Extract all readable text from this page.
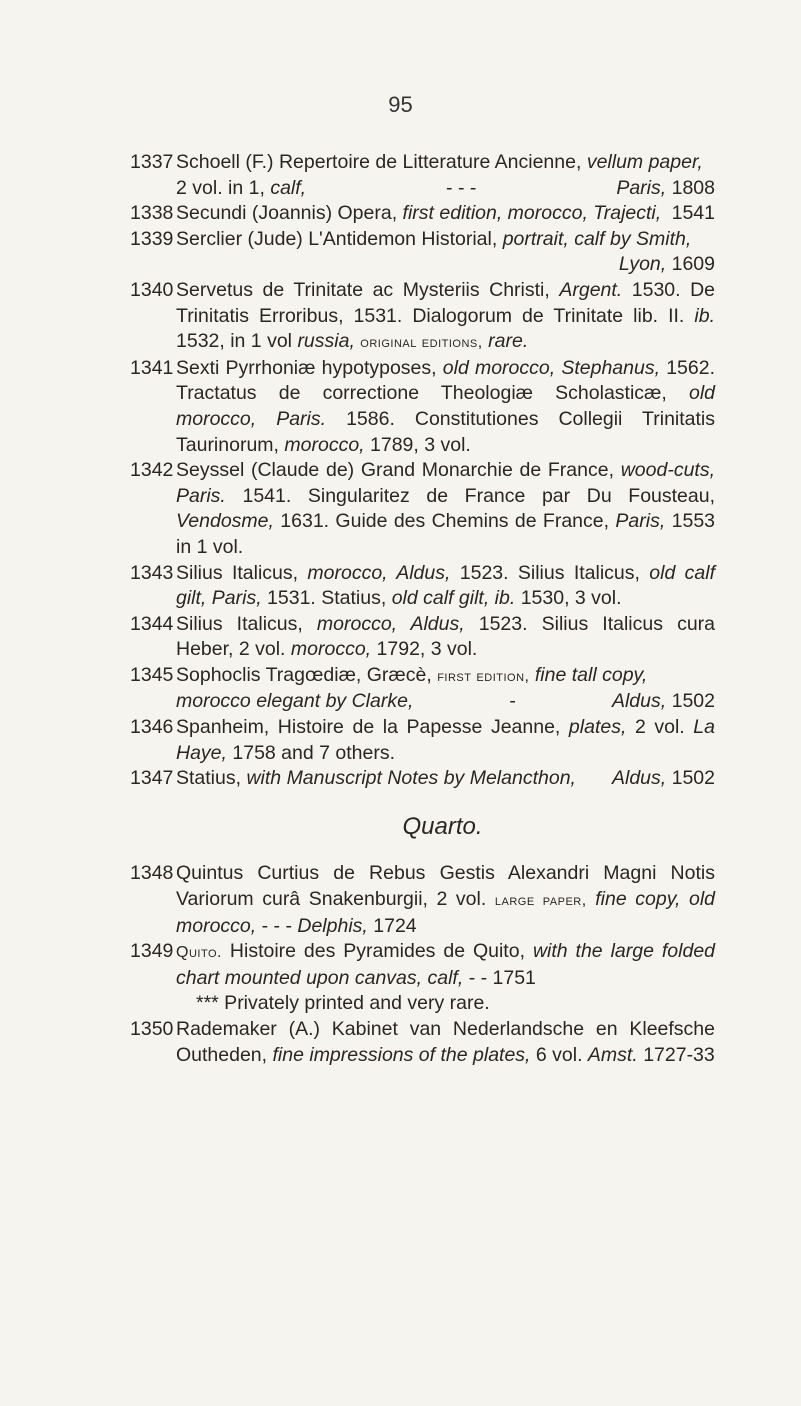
95
1337 Schoell (F.) Repertoire de Litterature Ancienne, vellum paper,
2 vol. in 1, calf,	- - -	Paris, 1808
1338 Secundi (Joannis) Opera, first edition, morocco, Trajecti, 1541
1339 Serclier (Jude) L'Antidemon Historial, portrait, calf by Smith,
Lyon, 1609
1340 Servetus de Trinitate ac Mysteriis Christi, Argent. 1530. De Trinitatis Erroribus, 1531. Dialogorum de Trinitate lib. II. ib. 1532, in 1 vol russia, original editions, rare.
1341 Sexti Pyrrhoniæ hypotyposes, old morocco, Stephanus, 1562. Tractatus de correctione Theologiæ Scholasticæ, old morocco, Paris. 1586. Constitutiones Collegii Trinitatis Taurinorum, morocco, 1789, 3 vol.
1342 Seyssel (Claude de) Grand Monarchie de France, wood-cuts, Paris. 1541. Singularitez de France par Du Fousteau, Vendosme, 1631. Guide des Chemins de France, Paris, 1553 in 1 vol.
1343 Silius Italicus, morocco, Aldus, 1523. Silius Italicus, old calf gilt, Paris, 1531. Statius, old calf gilt, ib. 1530, 3 vol.
1344 Silius Italicus, morocco, Aldus, 1523. Silius Italicus cura Heber, 2 vol. morocco, 1792, 3 vol.
1345 Sophoclis Tragœdiæ, Græcè, first edition, fine tall copy,
morocco elegant by Clarke,	-	Aldus, 1502
1346 Spanheim, Histoire de la Papesse Jeanne, plates, 2 vol. La Haye, 1758 and 7 others.
1347 Statius, with Manuscript Notes by Melancthon, Aldus, 1502
Quarto.
1348 Quintus Curtius de Rebus Gestis Alexandri Magni Notis Variorum curâ Snakenburgii, 2 vol. large paper, fine copy, old morocco, - - - Delphis, 1724
1349 Quito. Histoire des Pyramides de Quito, with the large folded chart mounted upon canvas, calf, - - 1751
*​*​* Privately printed and very rare.
1350 Rademaker (A.) Kabinet van Nederlandsche en Kleefsche Outheden, fine impressions of the plates, 6 vol. Amst. 1727-33
